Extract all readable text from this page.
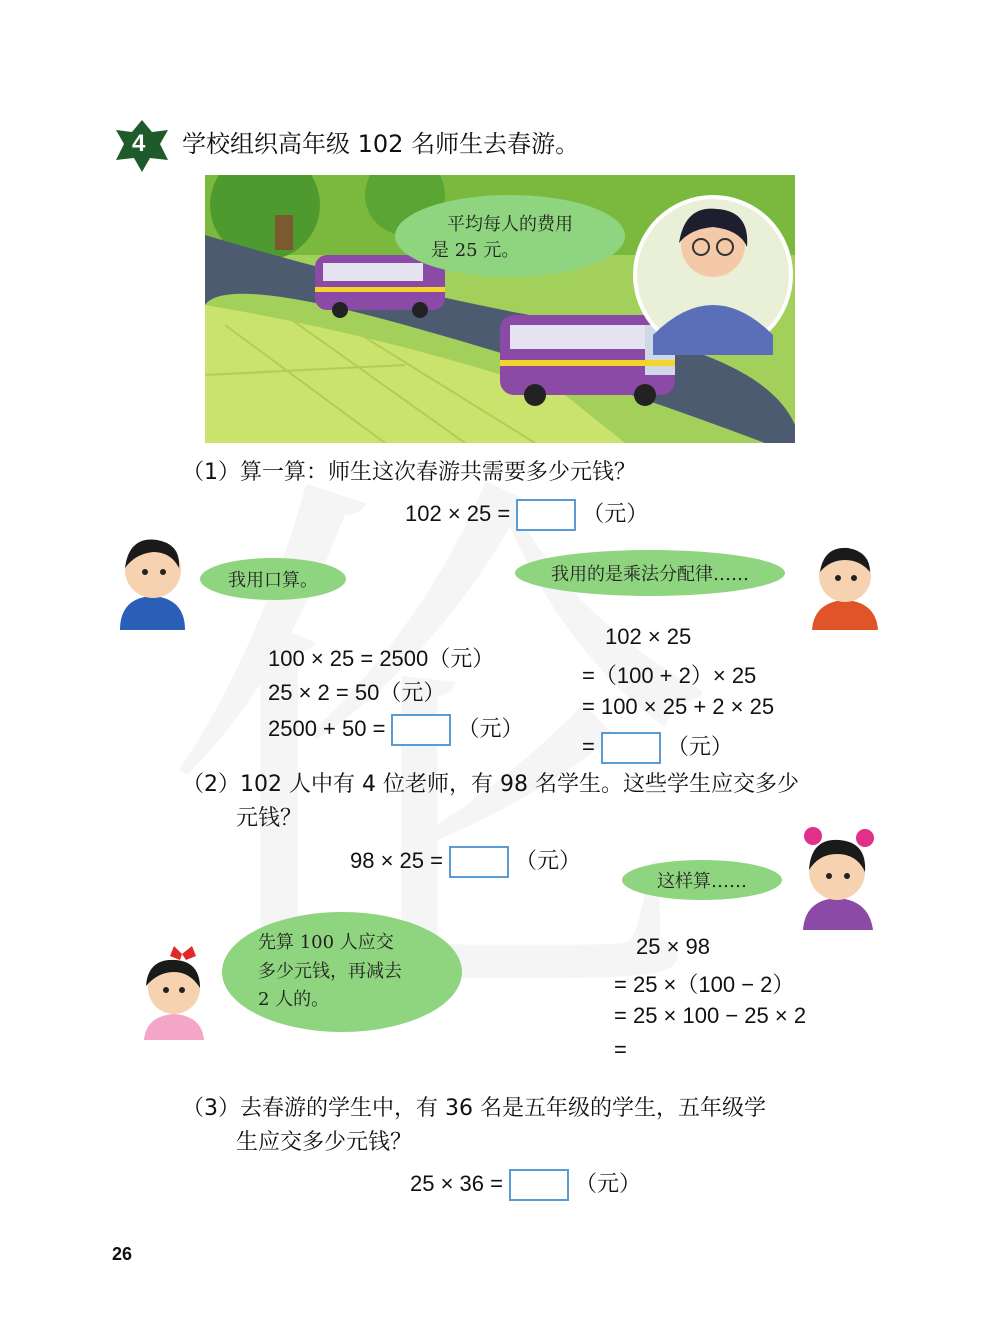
4 学校组织高年级 102 名师生去春游。
平均每人的费用
是 25 元。
（1）算一算：师生这次春游共需要多少元钱？
102 × 25 =	（元）
我用口算。	我用的是乘法分配律……
100 × 25 = 2500（元）
25 × 2 = 50（元）
2500 + 50 =	（元）
102 × 25
=（100 + 2）× 25
= 100 × 25 + 2 × 25
=	（元）
（2）102 人中有 4 位老师，有 98 名学生。这些学生应交多少
元钱？
98 × 25 =	（元）
这样算……
先算 100 人应交
多少元钱，再减去
2 人的。
25 × 98
= 25 ×（100 − 2）
= 25 × 100 − 25 × 2
=
（3）去春游的学生中，有 36 名是五年级的学生，五年级学
生应交多少元钱？
25 × 36 =	（元）
26
